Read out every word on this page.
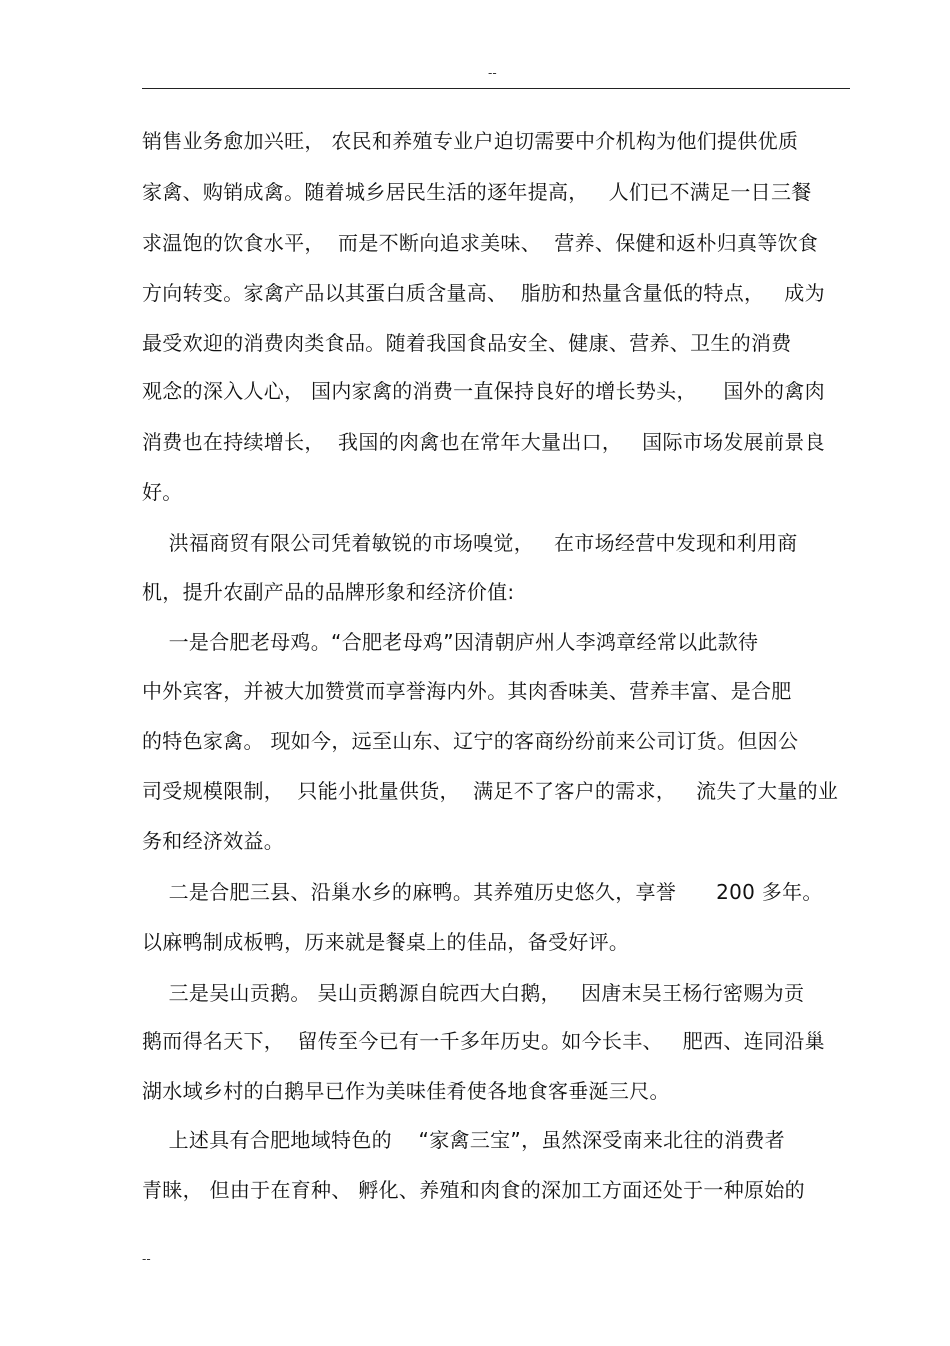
--
销售业务愈加兴旺， 农民和养殖专业户迫切需要中介机构为他们提供优质
家禽、购销成禽。随着城乡居民生活的逐年提高，   人们已不满足一日三餐
求温饱的饮食水平，  而是不断向追求美味、  营养、保健和返朴归真等饮食
方向转变。家禽产品以其蛋白质含量高、  脂肪和热量含量低的特点，   成为
最受欢迎的消费肉类食品。随着我国食品安全、健康、营养、卫生的消费
观念的深入人心， 国内家禽的消费一直保持良好的增长势头，    国外的禽肉
消费也在持续增长，  我国的肉禽也在常年大量出口，   国际市场发展前景良
好。
洪福商贸有限公司凭着敏锐的市场嗅觉，   在市场经营中发现和利用商
机，提升农副产品的品牌形象和经济价值:
一是合肥老母鸡。“合肥老母鸡”因清朝庐州人李鸿章经常以此款待
中外宾客，并被大加赞赏而享誉海内外。其肉香味美、营养丰富、是合肥
的特色家禽。 现如今，远至山东、辽宁的客商纷纷前来公司订货。但因公
司受规模限制，  只能小批量供货，  满足不了客户的需求，   流失了大量的业
务和经济效益。
二是合肥三县、沿巢水乡的麻鸭。其养殖历史悠久，享誉      200 多年。
以麻鸭制成板鸭，历来就是餐桌上的佳品，备受好评。
三是吴山贡鹅。 吴山贡鹅源自皖西大白鹅，   因唐末吴王杨行密赐为贡
鹅而得名天下，  留传至今已有一千多年历史。如今长丰、   肥西、连同沿巢
湖水域乡村的白鹅早已作为美味佳肴使各地食客垂涎三尺。
上述具有合肥地域特色的    “家禽三宝”，虽然深受南来北往的消费者
青睐， 但由于在育种、 孵化、养殖和肉食的深加工方面还处于一种原始的
--
